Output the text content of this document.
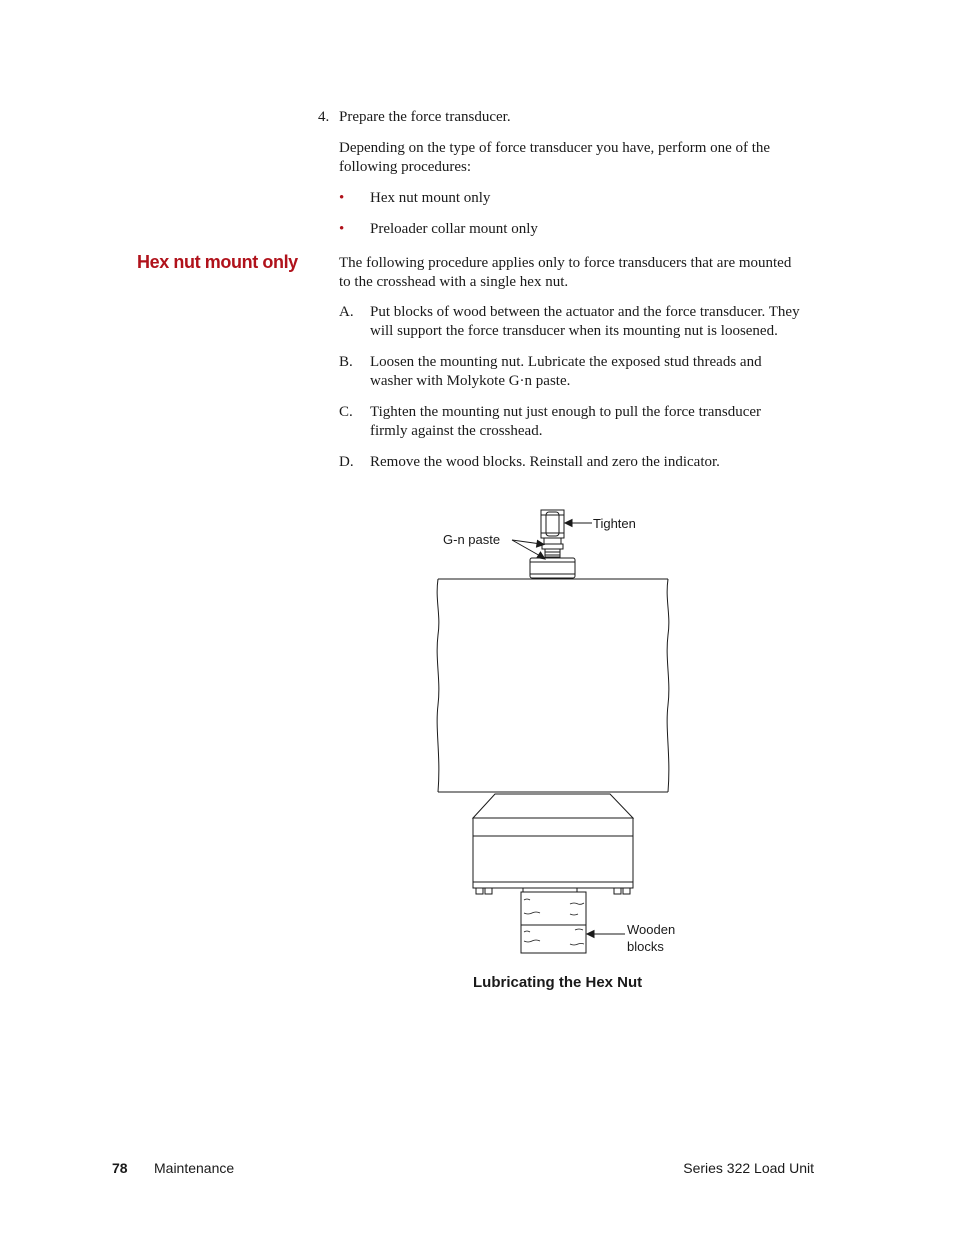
4. Prepare the force transducer.
Depending on the type of force transducer you have, perform one of the
following procedures:
• Hex nut mount only
• Preloader collar mount only
Hex nut mount only	The following procedure applies only to force transducers that are mounted
to the crosshead with a single hex nut.
A. Put blocks of wood between the actuator and the force transducer. They
will support the force transducer when its mounting nut is loosened.
B. Loosen the mounting nut. Lubricate the exposed stud threads and
washer with Molykote G·n paste.
C. Tighten the mounting nut just enough to pull the force transducer
firmly against the crosshead.
D. Remove the wood blocks. Reinstall and zero the indicator.
Tighten
G-n paste
Wooden
blocks
Lubricating the Hex Nut
78 Maintenance	Series 322 Load Unit
